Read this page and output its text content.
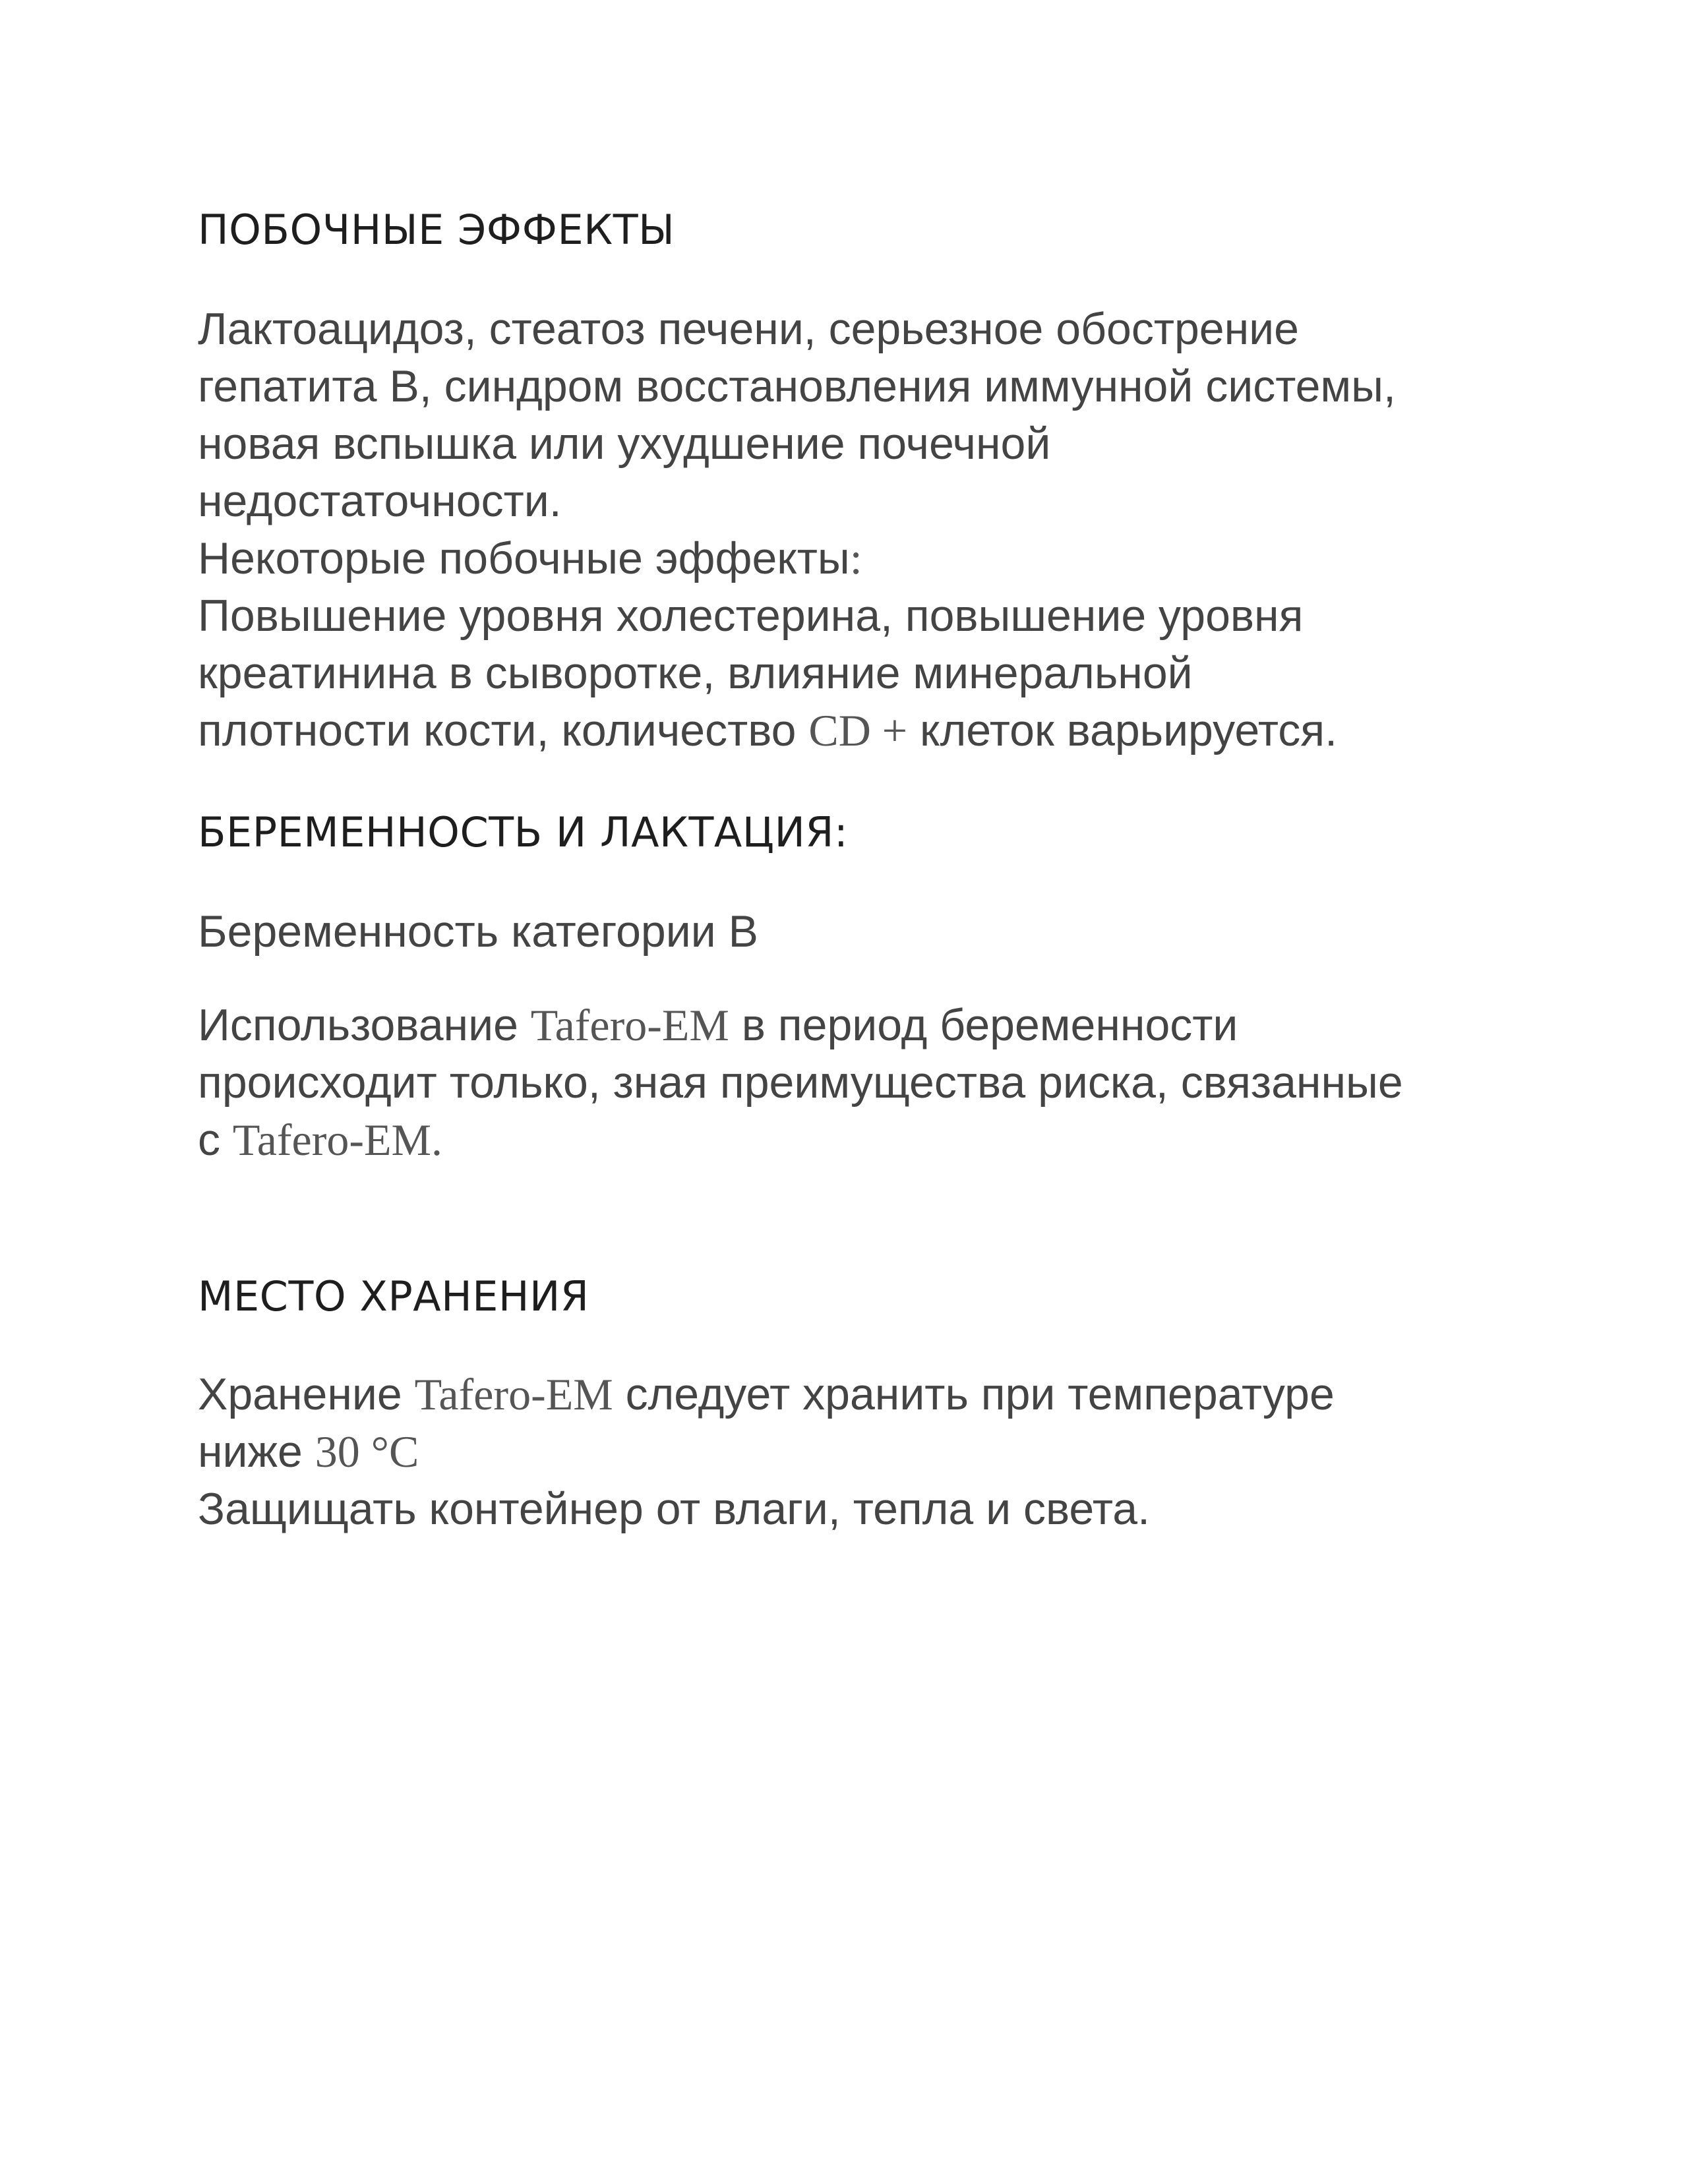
ПОБОЧНЫЕ ЭФФЕКТЫ
Лактоацидоз, стеатоз печени, серьезное обострение
гепатита В, синдром восстановления иммунной системы,
новая вспышка или ухудшение почечной
недостаточности.
Некоторые побочные эффекты:
Повышение уровня холестерина, повышение уровня
креатинина в сыворотке, влияние минеральной
плотности кости, количество CD + клеток варьируется.
БЕРЕМЕННОСТЬ И ЛАКТАЦИЯ:
Беременность категории В
Использование Tafero-EM в период беременности
происходит только, зная преимущества риска, связанные
с Tafero-EM.
МЕСТО ХРАНЕНИЯ
Хранение Tafero-EM следует хранить при температуре
ниже 30 °C
Защищать контейнер от влаги, тепла и света.
